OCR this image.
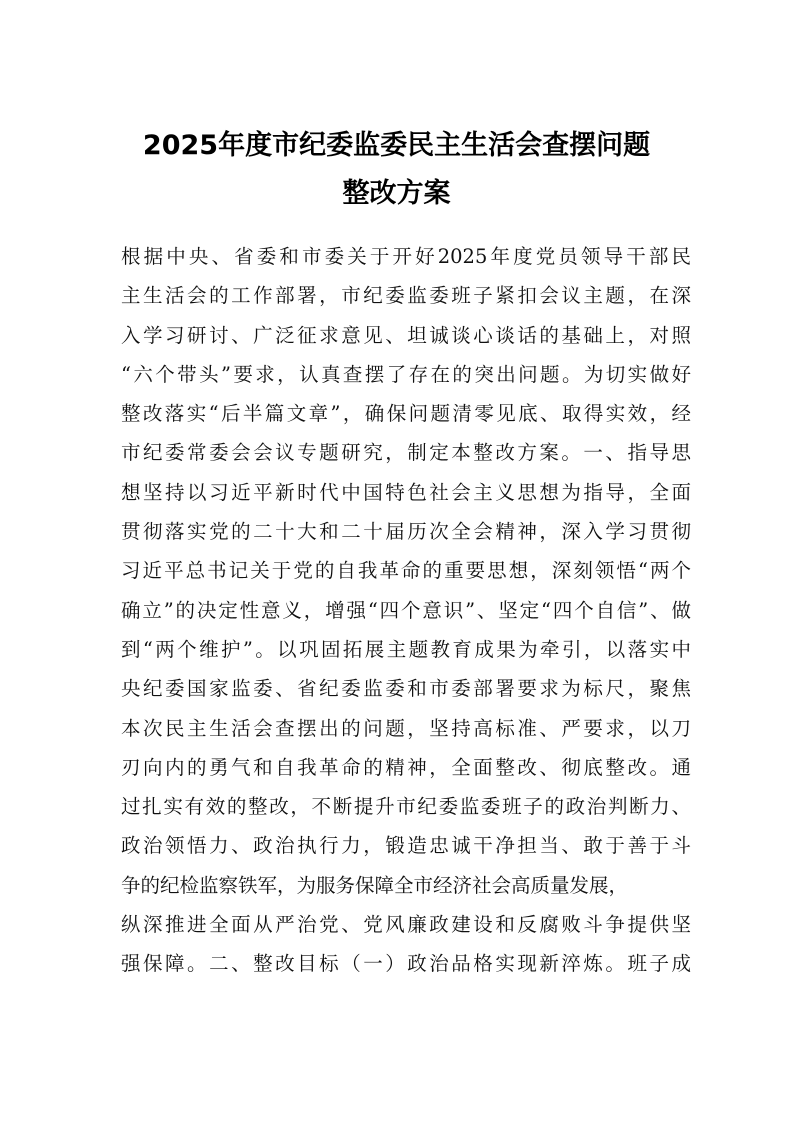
2025年度市纪委监委民主生活会查摆问题
整改方案
根据中央、省委和市委关于开好2025年度党员领导干部民
主生活会的工作部署，市纪委监委班子紧扣会议主题，在深
入学习研讨、广泛征求意见、坦诚谈心谈话的基础上，对照
“六个带头”要求，认真查摆了存在的突出问题。为切实做好
整改落实“后半篇文章”，确保问题清零见底、取得实效，经
市纪委常委会会议专题研究，制定本整改方案。一、指导思
想坚持以习近平新时代中国特色社会主义思想为指导，全面
贯彻落实党的二十大和二十届历次全会精神，深入学习贯彻
习近平总书记关于党的自我革命的重要思想，深刻领悟“两个
确立”的决定性意义，增强“四个意识”、坚定“四个自信”、做
到“两个维护”。以巩固拓展主题教育成果为牵引，以落实中
央纪委国家监委、省纪委监委和市委部署要求为标尺，聚焦
本次民主生活会查摆出的问题，坚持高标准、严要求，以刀
刃向内的勇气和自我革命的精神，全面整改、彻底整改。通
过扎实有效的整改，不断提升市纪委监委班子的政治判断力、
政治领悟力、政治执行力，锻造忠诚干净担当、敢于善于斗
争的纪检监察铁军，为服务保障全市经济社会高质量发展，
纵深推进全面从严治党、党风廉政建设和反腐败斗争提供坚
强保障。二、整改目标（一）政治品格实现新淬炼。班子成
